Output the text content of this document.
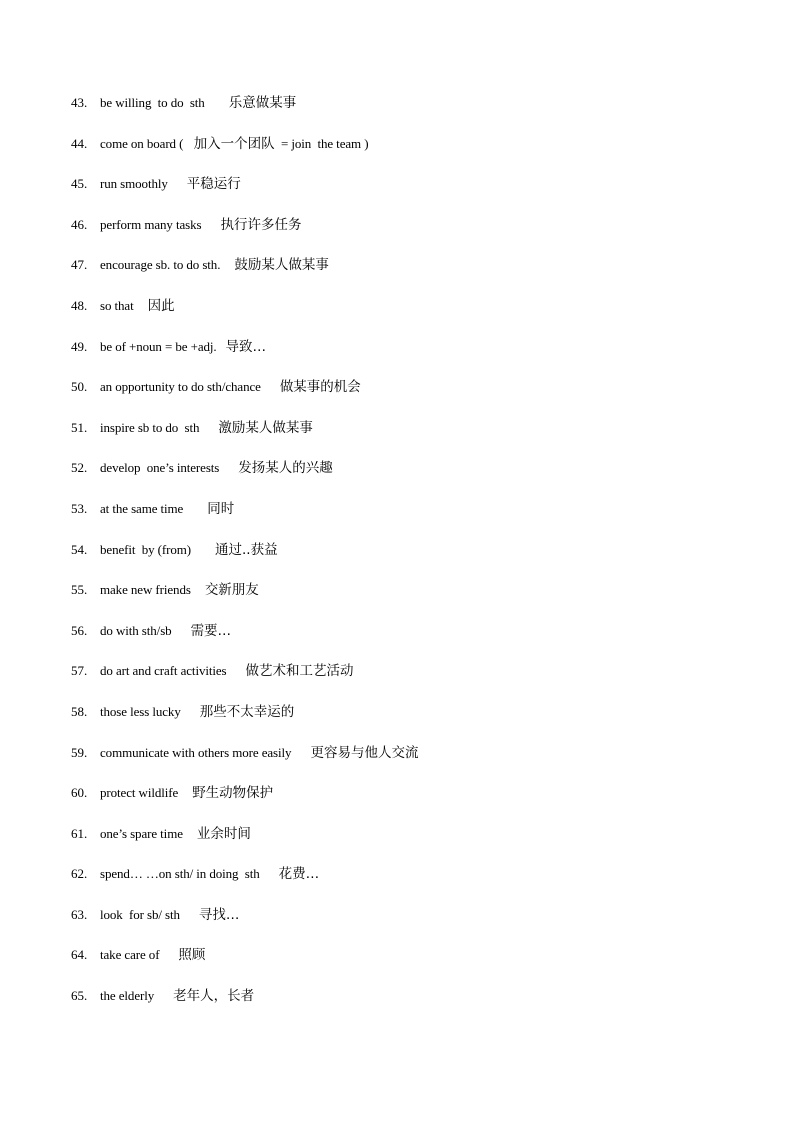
43. be willing  to do  sth 乐意做某事
44. come on board ( 加入一个团队 = join  the team )
45. run smoothly 平稳运行
46. perform many tasks 执行许多任务
47. encourage sb. to do sth. 鼓励某人做某事
48. so that 因此
49. be of +noun = be +adj. 导致…
50. an opportunity to do sth/chance 做某事的机会
51. inspire sb to do  sth 激励某人做某事
52. develop  one’s interests 发扬某人的兴趣
53. at the same time 同时
54. benefit  by (from) 通过..获益
55. make new friends 交新朋友
56. do with sth/sb 需要…
57. do art and craft activities 做艺术和工艺活动
58. those less lucky 那些不太幸运的
59. communicate with others more easily 更容易与他人交流
60. protect wildlife 野生动物保护
61. one’s spare time 业余时间
62. spend… …on sth/ in doing  sth 花费…
63. look  for sb/ sth 寻找…
64. take care of 照顾
65. the elderly 老年人，长者
